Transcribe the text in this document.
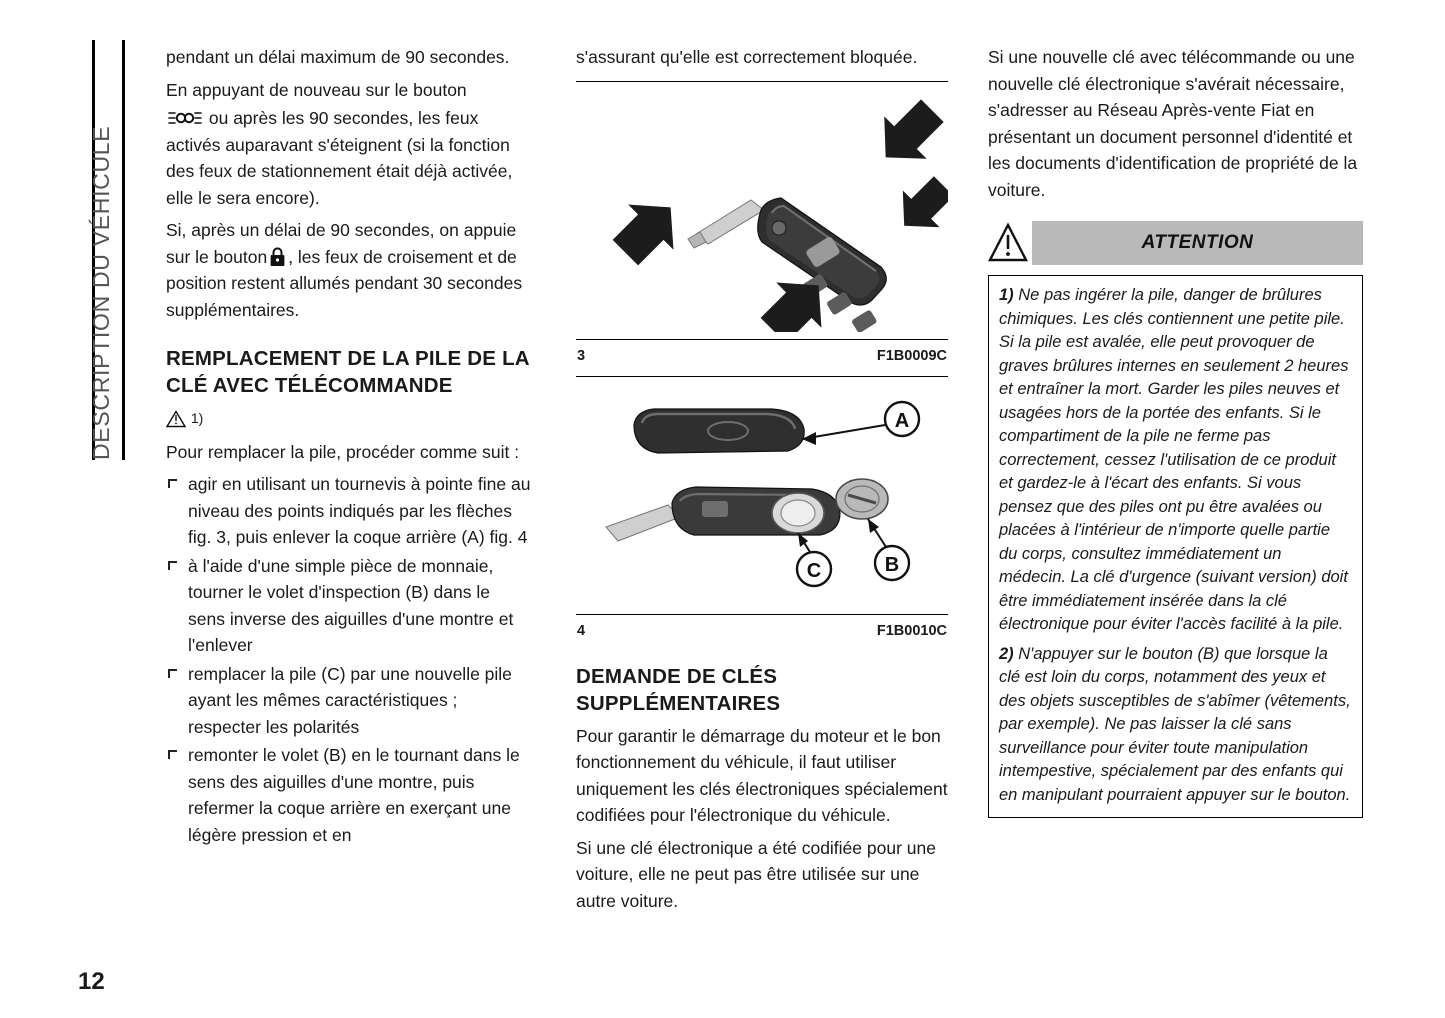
DESCRIPTION DU VÉHICULE

pendant un délai maximum de 90 secondes.

En appuyant de nouveau sur le bouton

ou après les 90 secondes, les feux activés auparavant s'éteignent (si la fonction des feux de stationnement était déjà activée, elle le sera encore).

Si, après un délai de 90 secondes, on appuie sur le bouton , les feux de croisement et de position restent allumés pendant 30 secondes supplémentaires.

REMPLACEMENT DE LA PILE DE LA CLÉ AVEC TÉLÉCOMMANDE

1)

Pour remplacer la pile, procéder comme suit :

agir en utilisant un tournevis à pointe fine au niveau des points indiqués par les flèches fig. 3, puis enlever la coque arrière (A) fig. 4
à l'aide d'une simple pièce de monnaie, tourner le volet d'inspection (B) dans le sens inverse des aiguilles d'une montre et l'enlever
remplacer la pile (C) par une nouvelle pile ayant les mêmes caractéristiques ; respecter les polarités
remonter le volet (B) en le tournant dans le sens des aiguilles d'une montre, puis refermer la coque arrière en exerçant une légère pression et en

s'assurant qu'elle est correctement bloquée.

3	F1B0009C
A
B
C
4	F1B0010C
DEMANDE DE CLÉS SUPPLÉMENTAIRES

Pour garantir le démarrage du moteur et le bon fonctionnement du véhicule, il faut utiliser uniquement les clés électroniques spécialement codifiées pour l'électronique du véhicule.

Si une clé électronique a été codifiée pour une voiture, elle ne peut pas être utilisée sur une autre voiture.

Si une nouvelle clé avec télécommande ou une nouvelle clé électronique s'avérait nécessaire, s'adresser au Réseau Après-vente Fiat en présentant un document personnel d'identité et les documents d'identification de propriété de la voiture.

ATTENTION

1) Ne pas ingérer la pile, danger de brûlures chimiques. Les clés contiennent une petite pile. Si la pile est avalée, elle peut provoquer de graves brûlures internes en seulement 2 heures et entraîner la mort. Garder les piles neuves et usagées hors de la portée des enfants. Si le compartiment de la pile ne ferme pas correctement, cessez l'utilisation de ce produit et gardez-le à l'écart des enfants. Si vous pensez que des piles ont pu être avalées ou placées à l'intérieur de n'importe quelle partie du corps, consultez immédiatement un médecin. La clé d'urgence (suivant version) doit être immédiatement insérée dans la clé électronique pour éviter l'accès facilité à la pile.

2) N'appuyer sur le bouton (B) que lorsque la clé est loin du corps, notamment des yeux et des objets susceptibles de s'abîmer (vêtements, par exemple). Ne pas laisser la clé sans surveillance pour éviter toute manipulation intempestive, spécialement par des enfants qui en manipulant pourraient appuyer sur le bouton.

12
